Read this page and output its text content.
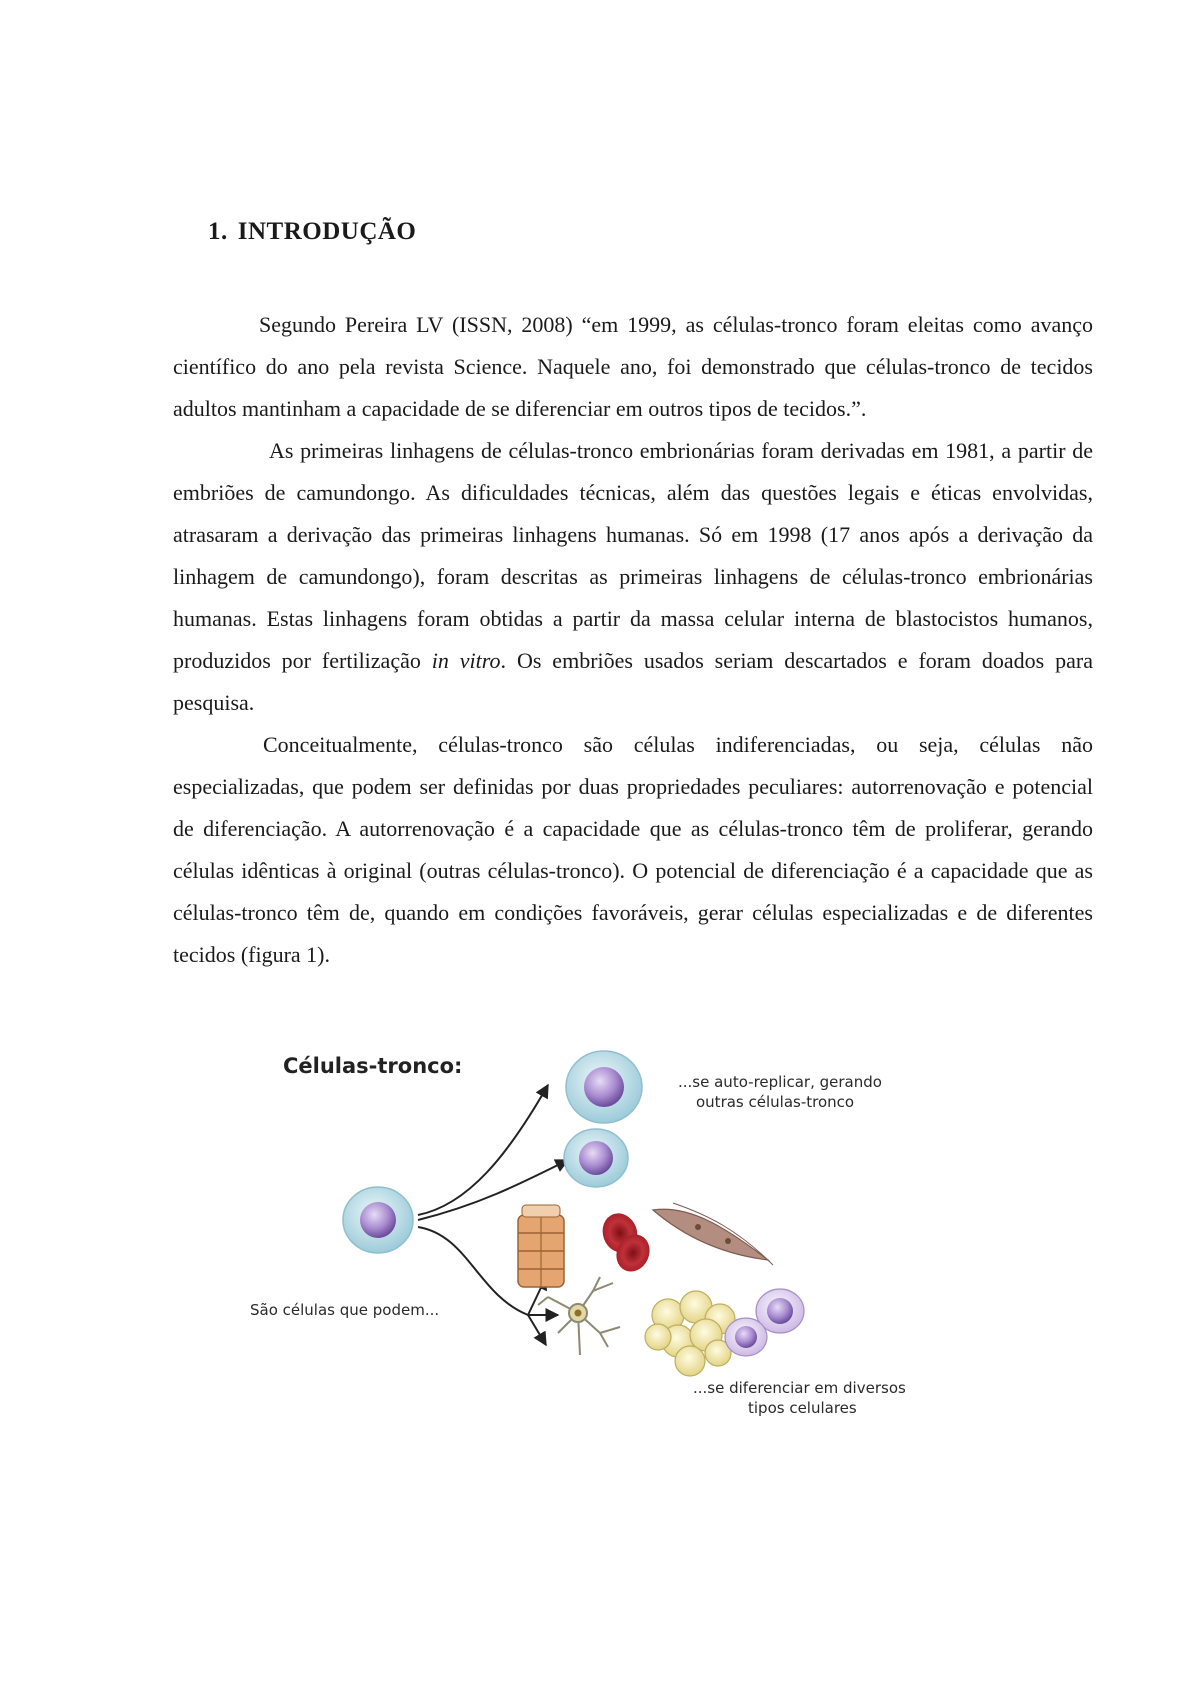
1. INTRODUÇÃO

Segundo Pereira LV (ISSN, 2008) “em 1999, as células-tronco foram eleitas como avanço científico do ano pela revista Science. Naquele ano, foi demonstrado que células-tronco de tecidos adultos mantinham a capacidade de se diferenciar em outros tipos de tecidos.”.

As primeiras linhagens de células-tronco embrionárias foram derivadas em 1981, a partir de embriões de camundongo. As dificuldades técnicas, além das questões legais e éticas envolvidas, atrasaram a derivação das primeiras linhagens humanas. Só em 1998 (17 anos após a derivação da linhagem de camundongo), foram descritas as primeiras linhagens de células-tronco embrionárias humanas. Estas linhagens foram obtidas a partir da massa celular interna de blastocistos humanos, produzidos por fertilização in vitro. Os embriões usados seriam descartados e foram doados para pesquisa.

Conceitualmente, células-tronco são células indiferenciadas, ou seja, células não especializadas, que podem ser definidas por duas propriedades peculiares: autorrenovação e potencial de diferenciação. A autorrenovação é a capacidade que as células-tronco têm de proliferar, gerando células idênticas à original (outras células-tronco). O potencial de diferenciação é a capacidade que as células-tronco têm de, quando em condições favoráveis, gerar células especializadas e de diferentes tecidos (figura 1).

Células-tronco:
São células que podem...
...se auto-replicar, gerando
outras células-tronco
...se diferenciar em diversos
tipos celulares
